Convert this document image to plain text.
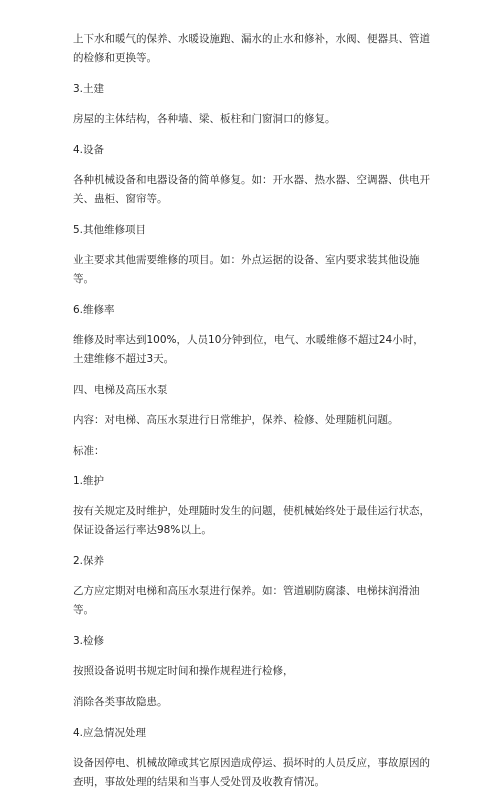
上下水和暖气的保养、水暖设施跑、漏水的止水和修补，水阀、便器具、管道的检修和更换等。

3.土建

房屋的主体结构，各种墙、梁、板柱和门窗洞口的修复。

4.设备

各种机械设备和电器设备的简单修复。如：开水器、热水器、空调器、供电开关、蛊柜、窗帘等。

5.其他维修项目

业主要求其他需要维修的项目。如：外点运据的设备、室内要求装其他设施等。

6.维修率

维修及时率达到100%，人员10分钟到位，电气、水暖维修不超过24小时，土建维修不超过3天。

四、电梯及高压水泵

内容：对电梯、高压水泵进行日常维护，保养、检修、处理随机问题。

标准：

1.维护

按有关规定及时维护，处理随时发生的问题，使机械始终处于最佳运行状态，保证设备运行率达98%以上。

2.保养

乙方应定期对电梯和高压水泵进行保养。如：管道刷防腐漆、电梯抹润滑油等。

3.检修

按照设备说明书规定时间和操作规程进行检修，

消除各类事故隐患。

4.应急情况处理

设备因停电、机械故障或其它原因造成停运、损坏时的人员反应，事故原因的查明，事故处理的结果和当事人受处罚及收教育情况。
